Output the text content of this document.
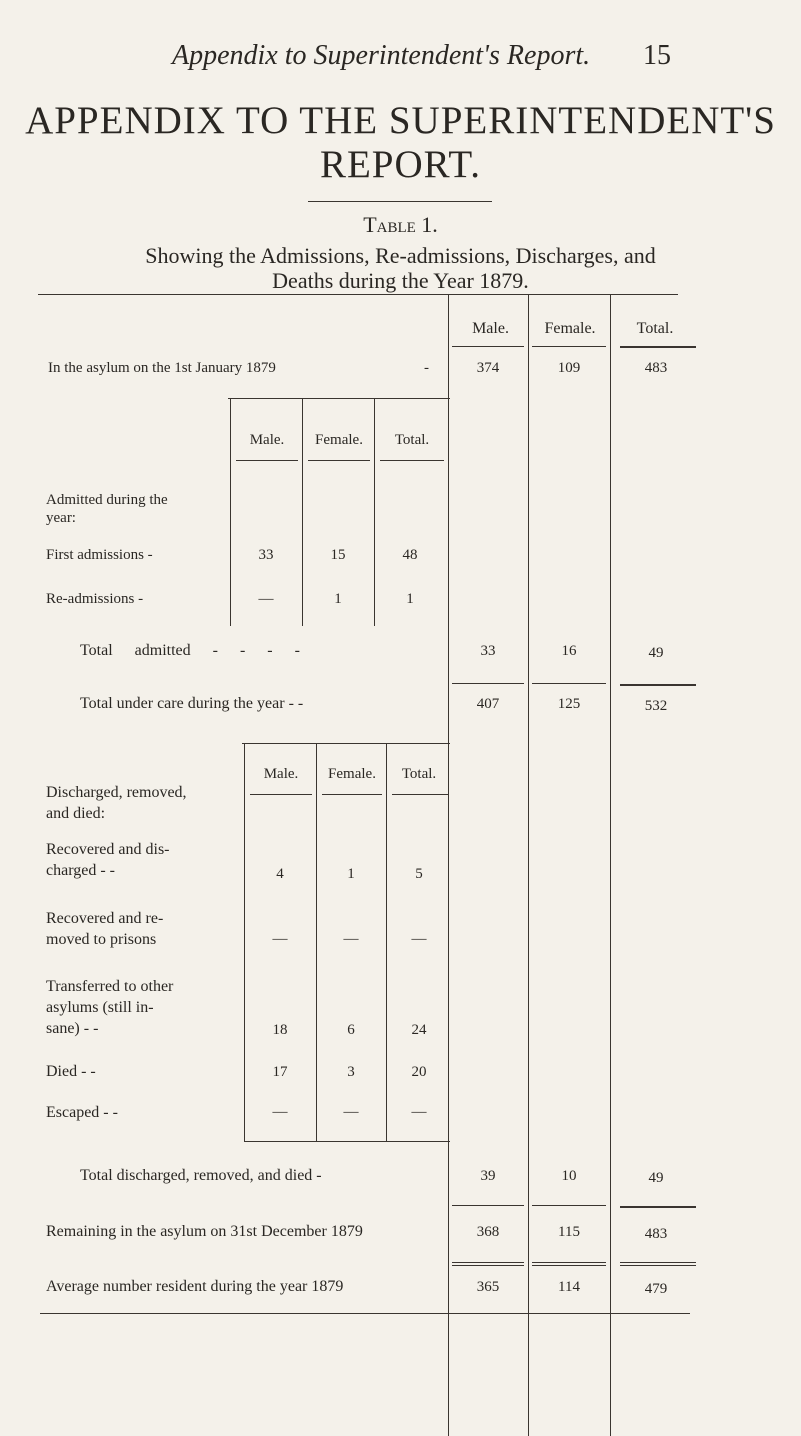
Appendix to Superintendent's Report. 15
APPENDIX TO THE SUPERINTENDENT'S
REPORT.
Table 1.
Showing the Admissions, Re-admissions, Discharges, and
Deaths during the Year 1879.
Male.	Female.	Total.
In the asylum on the 1st January 1879	-	374	109	483
Male.	Female.	Total.
Admitted during the
year:
First admissions -	33	15	48
Re-admissions -	—	1	1
Total admitted - - - -	33	16	49
Total under care during the year - -	407	125	532
Male.	Female.	Total.
Discharged, removed,
and died:
Recovered and dis-
charged - -	4	1	5
Recovered and re-
moved to prisons	—	—	—
Transferred to other
asylums (still in-
sane) - -	18	6	24
Died - -	17	3	20
Escaped - -	—	—	—
Total discharged, removed, and died -	39	10	49
Remaining in the asylum on 31st December 1879	368	115	483
Average number resident during the year 1879	365	114	479
